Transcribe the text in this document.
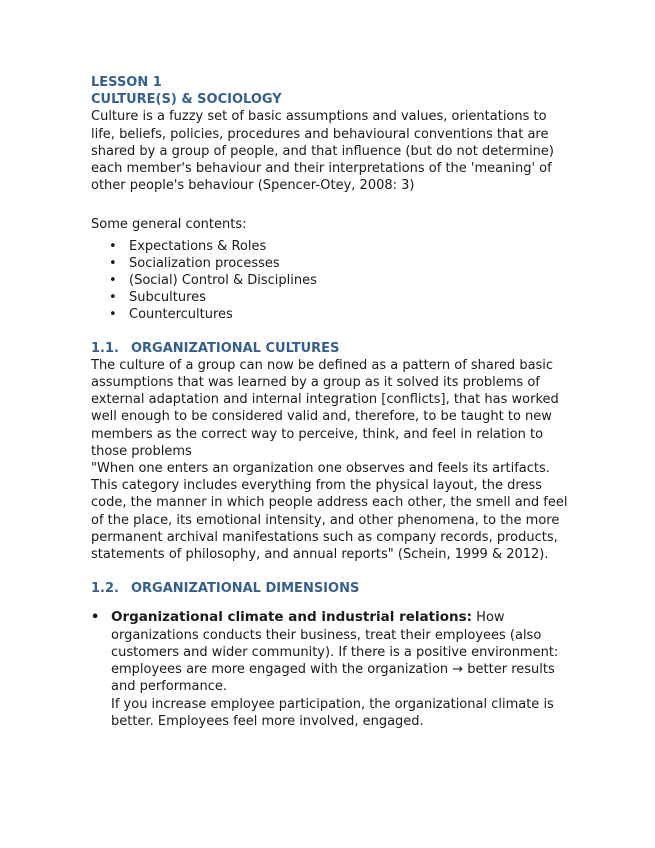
LESSON 1
CULTURE(S) & SOCIOLOGY

Culture is a fuzzy set of basic assumptions and values, orientations to life, beliefs, policies, procedures and behavioural conventions that are shared by a group of people, and that influence (but do not determine) each member's behaviour and their interpretations of the 'meaning' of other people's behaviour (Spencer-Otey, 2008: 3)

Some general contents:

• Expectations & Roles
• Socialization processes
• (Social) Control & Disciplines
• Subcultures
• Countercultures
1.1. ORGANIZATIONAL CULTURES

The culture of a group can now be defined as a pattern of shared basic assumptions that was learned by a group as it solved its problems of external adaptation and internal integration [conflicts], that has worked well enough to be considered valid and, therefore, to be taught to new members as the correct way to perceive, think, and feel in relation to those problems

"When one enters an organization one observes and feels its artifacts. This category includes everything from the physical layout, the dress code, the manner in which people address each other, the smell and feel of the place, its emotional intensity, and other phenomena, to the more permanent archival manifestations such as company records, products, statements of philosophy, and annual reports" (Schein, 1999 & 2012).

1.2. ORGANIZATIONAL DIMENSIONS
• Organizational climate and industrial relations: How organizations conducts their business, treat their employees (also customers and wider community). If there is a positive environment: employees are more engaged with the organization → better results and performance.
If you increase employee participation, the organizational climate is better. Employees feel more involved, engaged.
